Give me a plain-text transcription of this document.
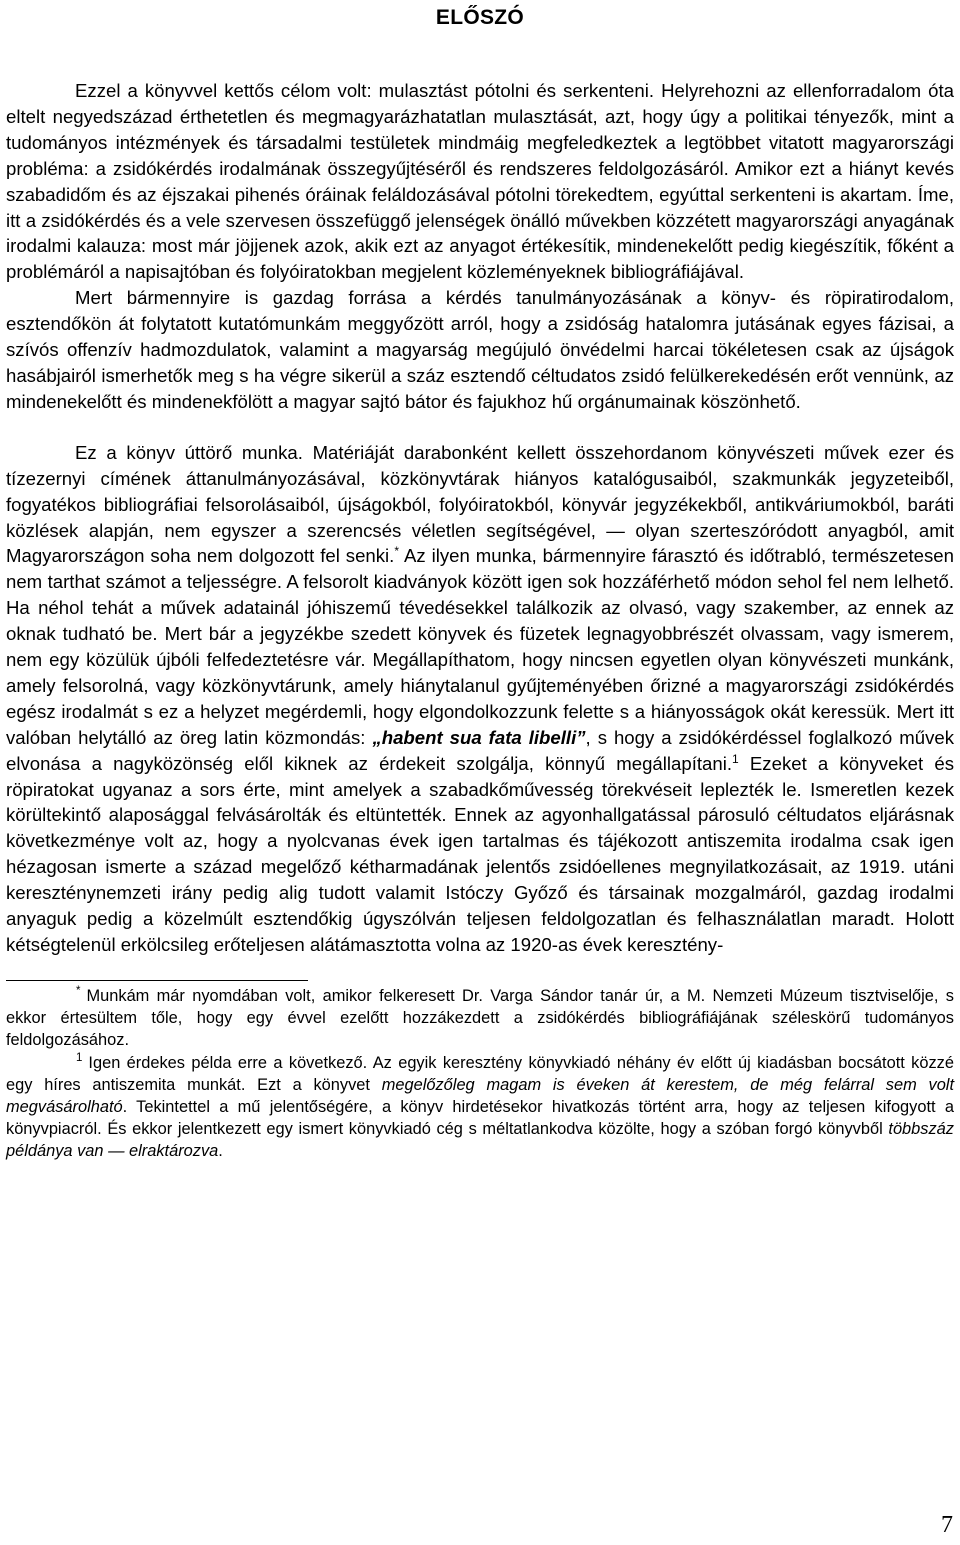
ELŐSZÓ

Ezzel a könyvvel kettős célom volt: mulasztást pótolni és serkenteni. Helyrehozni az ellenforradalom óta eltelt negyedszázad érthetetlen és megmagyarázhatatlan mulasztását, azt, hogy úgy a politikai tényezők, mint a tudományos intézmények és társadalmi testületek mindmáig megfeledkeztek a legtöbbet vitatott magyarországi probléma: a zsidókérdés irodalmának összegyűjtéséről és rendszeres feldolgozásáról. Amikor ezt a hiányt kevés szabadidőm és az éjszakai pihenés óráinak feláldozásával pótolni törekedtem, egyúttal serkenteni is akartam. Íme, itt a zsidókérdés és a vele szervesen összefüggő jelenségek önálló művekben közzétett magyarországi anyagának irodalmi kalauza: most már jöjjenek azok, akik ezt az anyagot értékesítik, mindenekelőtt pedig kiegészítik, főként a problémáról a napisajtóban és folyóiratokban megjelent közleményeknek bibliográfiájával.

Mert bármennyire is gazdag forrása a kérdés tanulmányozásának a könyv- és röpiratirodalom, esztendőkön át folytatott kutatómunkám meggyőzött arról, hogy a zsidóság hatalomra jutásának egyes fázisai, a szívós offenzív hadmozdulatok, valamint a magyarság megújuló önvédelmi harcai tökéletesen csak az újságok hasábjairól ismerhetők meg s ha végre sikerül a száz esztendő céltudatos zsidó felülkerekedésén erőt vennünk, az mindenekelőtt és mindenekfölött a magyar sajtó bátor és fajukhoz hű orgánumainak köszönhető.

Ez a könyv úttörő munka. Matériáját darabonként kellett összehordanom könyvészeti művek ezer és tízezernyi címének áttanulmányozásával, közkönyvtárak hiányos katalógusaiból, szakmunkák jegyzeteiből, fogyatékos bibliográfiai felsorolásaiból, újságokból, folyóiratokból, könyvár jegyzékekből, antikváriumokból, baráti közlések alapján, nem egyszer a szerencsés véletlen segítségével, — olyan szerteszóródott anyagból, amit Magyarországon soha nem dolgozott fel senki.* Az ilyen munka, bármennyire fárasztó és időtrabló, természetesen nem tarthat számot a teljességre. A felsorolt kiadványok között igen sok hozzáférhető módon sehol fel nem lelhető. Ha néhol tehát a művek adatainál jóhiszemű tévedésekkel találkozik az olvasó, vagy szakember, az ennek az oknak tudható be. Mert bár a jegyzékbe szedett könyvek és füzetek legnagyobbrészét olvassam, vagy ismerem, nem egy közülük újbóli felfedeztetésre vár. Megállapíthatom, hogy nincsen egyetlen olyan könyvészeti munkánk, amely felsorolná, vagy közkönyvtárunk, amely hiánytalanul gyűjteményében őrizné a magyarországi zsidókérdés egész irodalmát s ez a helyzet megérdemli, hogy elgondolkozzunk felette s a hiányosságok okát keressük. Mert itt valóban helytálló az öreg latin közmondás: „habent sua fata libelli”, s hogy a zsidókérdéssel foglalkozó művek elvonása a nagyközönség elől kiknek az érdekeit szolgálja, könnyű megállapítani.$^1$ Ezeket a könyveket és röpiratokat ugyanaz a sors érte, mint amelyek a szabadkőművesség törekvéseit leplezték le. Ismeretlen kezek körültekintő alaposággal felvásárolták és eltüntették. Ennek az agyonhallgatással párosuló céltudatos eljárásnak következménye volt az, hogy a nyolcvanas évek igen tartalmas és tájékozott antiszemita irodalma csak igen hézagosan ismerte a század megelőző kétharmadának jelentős zsidóellenes megnyilatkozásait, az 1919. utáni kereszténynemzeti irány pedig alig tudott valamit Istóczy Győző és társainak mozgalmáról, gazdag irodalmi anyaguk pedig a közelmúlt esztendőkig úgyszólván teljesen feldolgozatlan és felhasználatlan maradt. Holott kétségtelenül erkölcsileg erőteljesen alátámasztotta volna az 1920-as évek keresztény-

* Munkám már nyomdában volt, amikor felkeresett Dr. Varga Sándor tanár úr, a M. Nemzeti Múzeum tisztviselője, s ekkor értesültem tőle, hogy egy évvel ezelőtt hozzákezdett a zsidókérdés bibliográfiájának széleskörű tudományos feldolgozásához.

$^1$ Igen érdekes példa erre a következő. Az egyik keresztény könyvkiadó néhány év előtt új kiadásban bocsátott közzé egy híres antiszemita munkát. Ezt a könyvet megelőzőleg magam is éveken át kerestem, de még felárral sem volt megvásárolható. Tekintettel a mű jelentőségére, a könyv hirdetésekor hivatkozás történt arra, hogy az teljesen kifogyott a könyvpiacról. És ekkor jelentkezett egy ismert könyvkiadó cég s méltatlankodva közölte, hogy a szóban forgó könyvből többszáz példánya van — elraktározva.

7
